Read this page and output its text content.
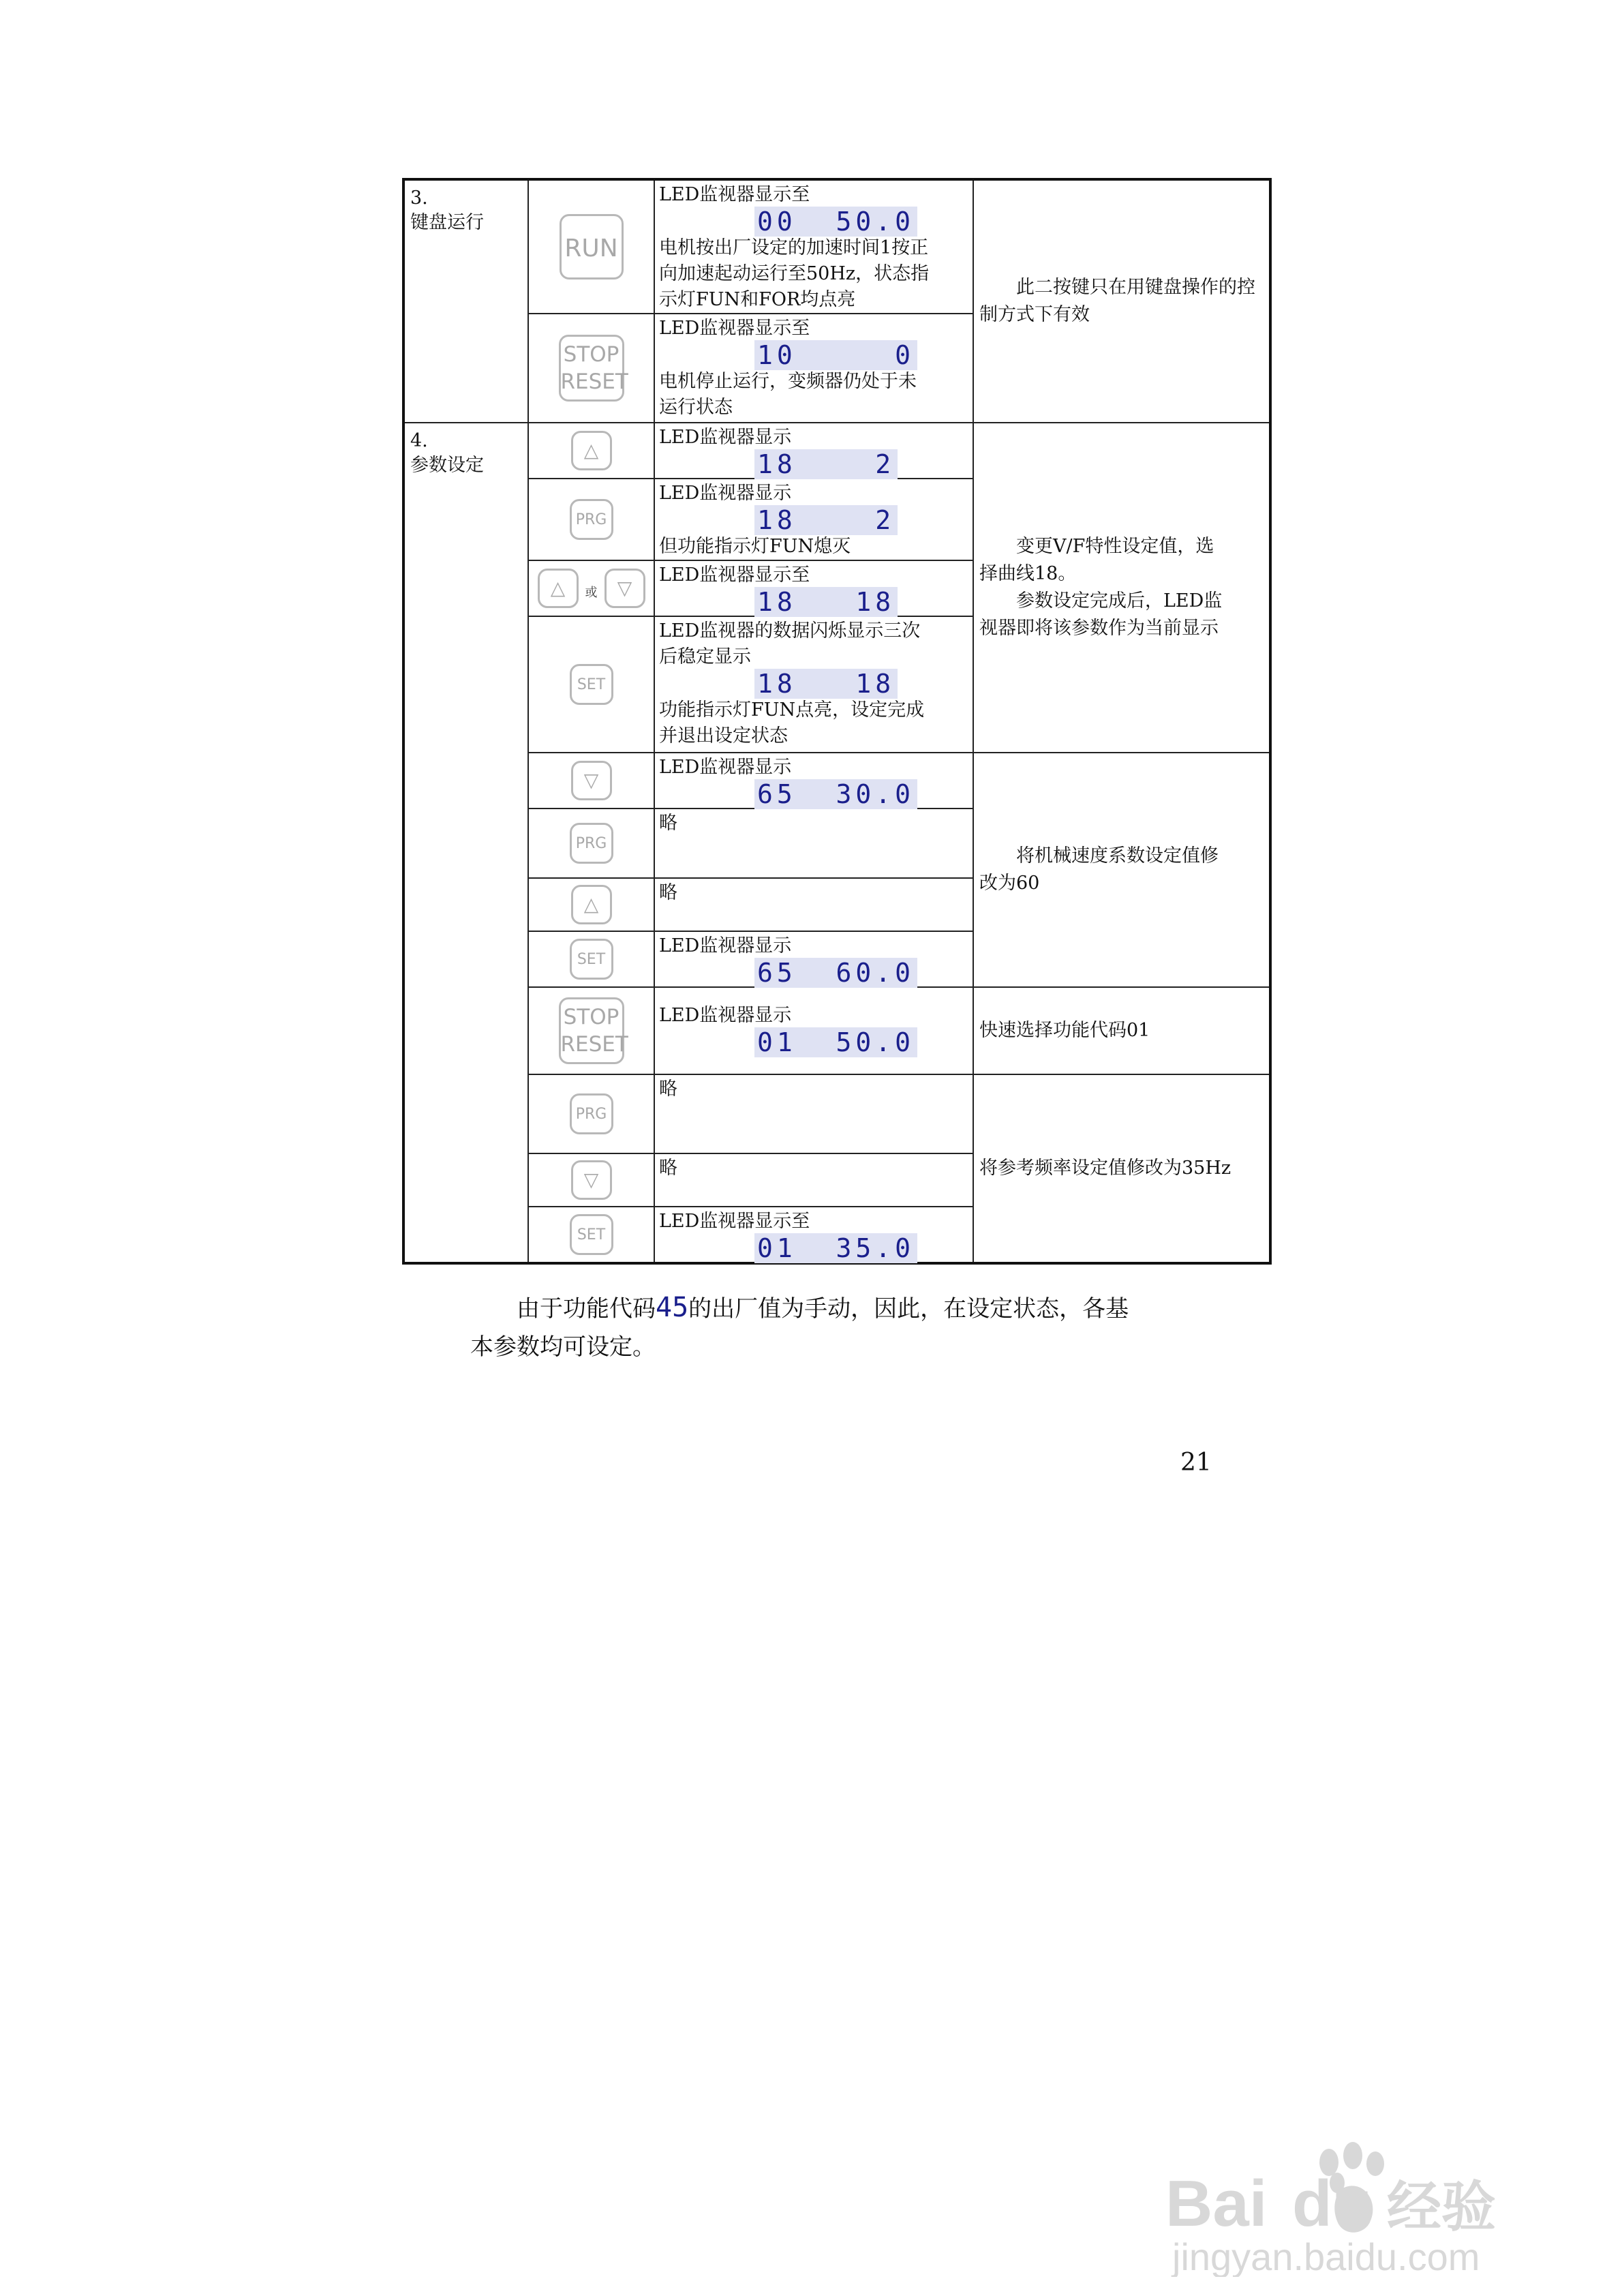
3.
键盘运行	RUN	LED监视器显示至
00  50.0
电机按出厂设定的加速时间1按正
向加速起动运行至50Hz，状态指
示灯FUN和FOR均点亮	此二按键只在用键盘操作的控制方式下有效

	STOP
RESET	LED监视器显示至
10     0
电机停止运行，变频器仍处于未
运行状态	

4.
参数设定	△	LED监视器显示
18    2	变更V/F特性设定值，选
择曲线18。
参数设定完成后，LED监
视器即将该参数作为当前显示

	PRG	LED监视器显示
18    2
但功能指示灯FUN熄灭	

	△ 或 ▽	LED监视器显示至
18   18	

	SET	LED监视器的数据闪烁显示三次
后稳定显示
18   18
功能指示灯FUN点亮，设定完成
并退出设定状态	

	▽	LED监视器显示
65  30.0	将机械速度系数设定值修
改为60

	PRG	略	

	△	略	

	SET	LED监视器显示
65  60.0	

	STOP
RESET	LED监视器显示
01  50.0	快速选择功能代码01

	PRG	略	将参考频率设定值修改为35Hz

	▽	略	

	SET	LED监视器显示至
01  35.0	
由于功能代码45的出厂值为手动，因此，在设定状态，各基
本参数均可设定。
21
Bai du 经验
jingyan.baidu.com
